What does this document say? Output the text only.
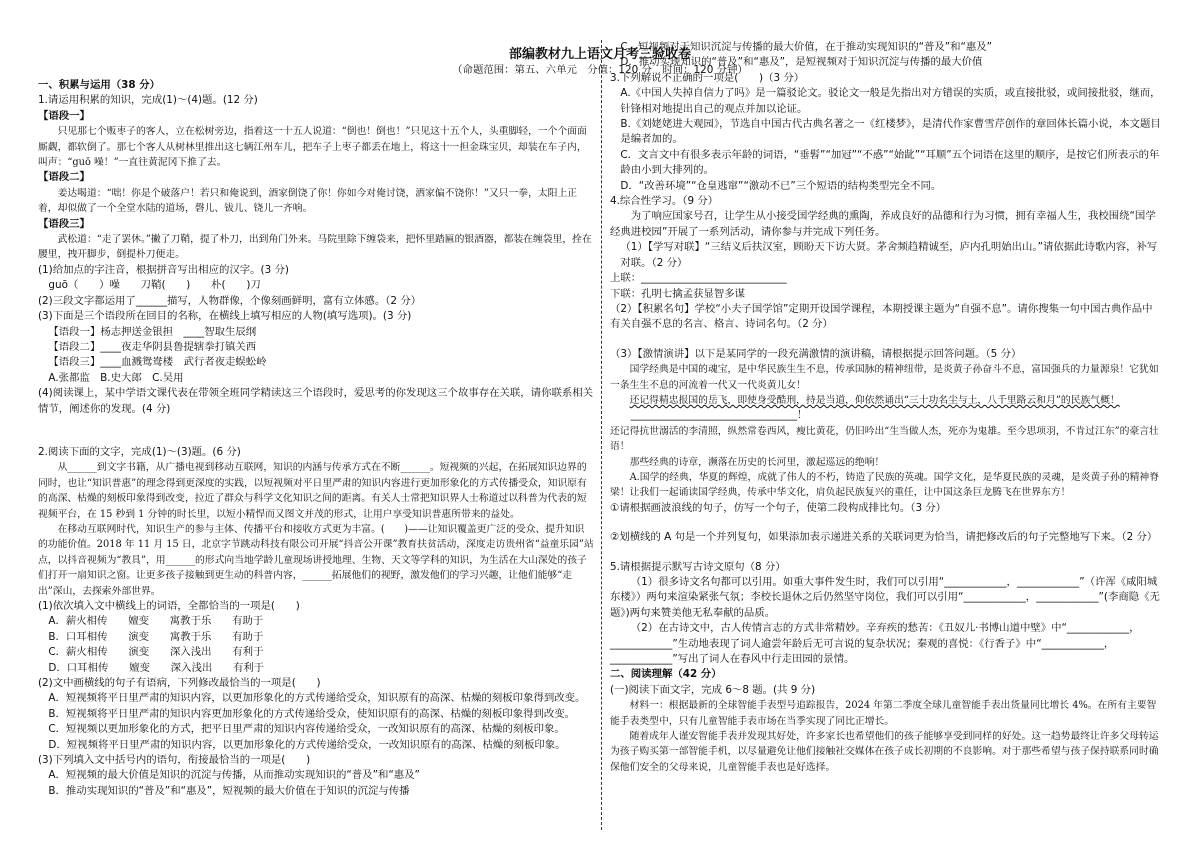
部编教材九上语文月考三验收卷
（命题范围：第五、六单元　分值：120 分　时间：120 分钟）

一、积累与运用（38 分）

1.请运用积累的知识，完成(1)～(4)题。(12 分)

【语段一】

只见那七个贩枣子的客人，立在松树旁边，指着这一十五人说道：“倒也！倒也！”只见这十五个人，头重脚轻，一个个面面厮觑，都软倒了。那七个客人从树林里推出这七辆江州车儿，把车子上枣子都丢在地上，将这十一担金珠宝贝，却装在车子内，叫声：“guō 噪！”一直往黄泥冈下推了去。

【语段二】

姜达喝道：“咄！你是个破落户！若只和俺说到，酒家倒饶了你！你如今对俺讨饶，洒家偏不饶你！”又只一拳，太阳上正着，却似做了一个全堂水陆的道场，磬儿、钹儿、铙儿一齐响。

【语段三】

武松道：“走了罢休。”撇了刀鞘，提了朴刀，出到角门外来。马院里除下缠袋来，把怀里踏匾的银酒器，都装在缠袋里，拴在腰里，拽开脚步，倒提朴刀便走。

(1)给加点的字注音，根据拼音写出相应的汉字。(3 分)

guō（　　）噪　　刀鞘(　　)　　朴(　　)刀

(2)三段文字都运用了______描写，人物群像，个像刻画鲜明，富有立体感。（2 分）

(3)下面是三个语段所在回目的名称，在横线上填写相应的人物(填写选项)。(3 分)

【语段一】杨志押送金银担　____智取生辰纲

【语段二】____夜走华阴县鲁提辖拳打镇关西

【语段三】____血溅鸳鸯楼　武行者夜走蜈蚣岭

A.张都监　B.史大郎　C.吴用

(4)阅读课上，某中学语文课代表在带领全班同学精读这三个语段时，爱思考的你发现这三个故事存在关联，请你联系相关情节，阐述你的发现。(4 分)

2.阅读下面的文字，完成(1)～(3)题。(6 分)

从______到文字书籍，从广播电视到移动互联网，知识的内涵与传承方式在不断______。短视频的兴起，在拓展知识边界的同时，也让“知识普惠”的理念得到更深度的实践，以短视频对平日里严肃的知识内容进行更加形象化的方式传播受众，知识原有的高深、枯燥的刻板印象得到改变，拉近了群众与科学文化知识之间的距离。有关人士常把知识界人士称道过以科普为代表的短视频平台，在 15 秒到 1 分钟的时长里，以短小精悍而又图文并茂的形式，让用户享受知识普惠所带来的益处。

在移动互联网时代，知识生产的参与主体、传播平台和接收方式更为丰富。(　　)——让知识覆盖更广泛的受众、提升知识的功能价值。2018 年 11 月 15 日，北京字节跳动科技有限公司开展“抖音公开课”教育扶贫活动，深度走访贵州省“益童乐园”站点，以抖音视频为“教具”，用______的形式向当地学龄儿童现场讲授地理、生物、天文等学科的知识，为生活在大山深处的孩子们打开一扇知识之窗。让更多孩子接触到更生动的科普内容，______拓展他们的视野，激发他们的学习兴趣，让他们能够“走出”深山，去探索外部世界。

(1)依次填入文中横线上的词语，全都恰当的一项是(　　)

A．薪火相传　　嬗变　　寓教于乐　　有助于

B．口耳相传　　演变　　寓教于乐　　有助于

C．薪火相传　　演变　　深入浅出　　有利于

D．口耳相传　　嬗变　　深入浅出　　有利于

(2)文中画横线的句子有语病，下列修改最恰当的一项是(　　)

A．短视频将平日里严肃的知识内容，以更加形象化的方式传递给受众，知识原有的高深、枯燥的刻板印象得到改变。

B．短视频将平日里严肃的知识内容更加形象化的方式传递给受众，使知识原有的高深、枯燥的刻板印象得到改变。

C．短视频以更加形象化的方式，把平日里严肃的知识内容传递给受众，一改知识原有的高深、枯燥的刻板印象。

D．短视频将平日里严肃的知识内容，以更加形象化的方式传递给受众，一改知识原有的高深、枯燥的刻板印象。

(3)下列填入文中括号内的语句，衔接最恰当的一项是(　　)

A．短视频的最大价值是知识的沉淀与传播，从而推动实现知识的“普及”和“惠及”

B．推动实现知识的“普及”和“惠及”，短视频的最大价值在于知识的沉淀与传播

C．短视频对于知识沉淀与传播的最大价值，在于推动实现知识的“普及”和“惠及”

D．推动实现知识的“普及”和“惠及”，是短视频对于知识沉淀与传播的最大价值

3.下列解说不正确的一项是(　　)（3 分）

A.《中国人失掉自信力了吗》是一篇驳论文。驳论文一般是先指出对方错误的实质，或直接批驳，或间接批驳，继而，针锋相对地提出自己的观点并加以论证。

B.《刘姥姥进大观园》，节选自中国古代古典名著之一《红楼梦》，是清代作家曹雪芹创作的章回体长篇小说，本文题目是编者加的。

C．文言文中有很多表示年龄的词语，“垂髫”“加冠”“不惑”“始龀”“耳顺”五个词语在这里的顺序，是按它们所表示的年龄由小到大排列的。

D．“改善环境”“仓皇逃窜”“激动不已”三个短语的结构类型完全不同。

4.综合性学习。（9 分）

为了响应国家号召，让学生从小接受国学经典的熏陶，养成良好的品德和行为习惯，拥有幸福人生，我校围绕“国学经典进校园”开展了一系列活动，请你参与并完成下列任务。

（1）【学写对联】“三结义后扶汉室，顾盼天下访大贤。茅舍频趋精诚至，庐内孔明始出山。”请依据此诗歌内容，补写对联。（2 分）

上联：____________________________

下联：孔明七擒孟获显智多谋

（2）【积累名句】学校“小夫子国学馆”定期开设国学课程，本期授课主题为“自强不息”。请你搜集一句中国古典作品中有关自强不息的名言、格言、诗词名句。（2 分）

（3）【激情演讲】以下是某同学的一段充满激情的演讲稿，请根据提示回答问题。（5 分）

国学经典是中国的魂宝，是中华民族生生不息，传承国脉的精神纽带，是炎黄子孙奋斗不息，富国强兵的力量源泉！它犹如一条生生不息的河流着一代又一代炎黄儿女！

还记得精忠报国的岳飞，即使身受酷刑，持是当道，仰依然诵出“三十功名尘与土，八千里路云和月”的民族气概！

________________________________！

还记得抗世溺活的李清照，纵然常卷西风，瘦比黄花，仍旧吟出“生当做人杰，死亦为鬼雄。至今思项羽，不肯过江东”的豪言壮语！

那些经典的诗章，濒落在历史的长河里，激起巡远的绝响！

A.国学的经典，华夏的辉煌，成就了伟人的不朽，铸造了民族的英魂。国学文化，是华夏民族的灵魂，是炎黄子孙的精神脊梁！让我们一起诵读国学经典，传承中华文化，肩负起民族复兴的重任，让中国这条巨龙腾飞在世界东方！

①请根据画波浪线的句子，仿写一个句子，使第二段构成排比句。（3 分）

②划横线的 A 句是一个并列复句，如果添加表示递进关系的关联词更为恰当，请把修改后的句子完整地写下来。（2 分）

5.请根据提示默写古诗文原句（8 分）

（1）很多诗文名句都可以引用。如重大事件发生时，我们可以引用“____________，____________”（许浑《咸阳城东楼》）两句来渲染紧张气氛；李校长退休之后仍然坚守岗位，我们可以引用“____________，____________”(李商隐《无题》)两句来赞美他无私奉献的品质。

（2）在古诗文中，古人传情言志的方式非常精妙。辛弃疾的愁苦：《丑奴儿·书博山道中壁》中“____________，____________”生动地表现了词人逾尝年龄后无可言说的复杂状况；秦观的喜悦：《行香子》中“____________，____________”写出了词人在春风中行走田园的景情。

二、阅读理解（42 分）

(一)阅读下面文字，完成 6～8 题。(共 9 分)

材料一：根据最新的全球智能手表型号追踪报告，2024 年第二季度全球儿童智能手表出货量同比增长 4%。在所有主要智能手表类型中，只有儿童智能手表市场在当季实现了同比正增长。

随着成年人谨安智能手表并发现其好处，许多家长也希望他们的孩子能够享受到同样的好处。这一趋势最终让许多父母转运为孩子购买第一部智能手机，以尽量避免让他们接触社交媒体在孩子成长初期的不良影响。对于那些希望与孩子保持联系同时确保他们安全的父母来说，儿童智能手表也是好选择。
